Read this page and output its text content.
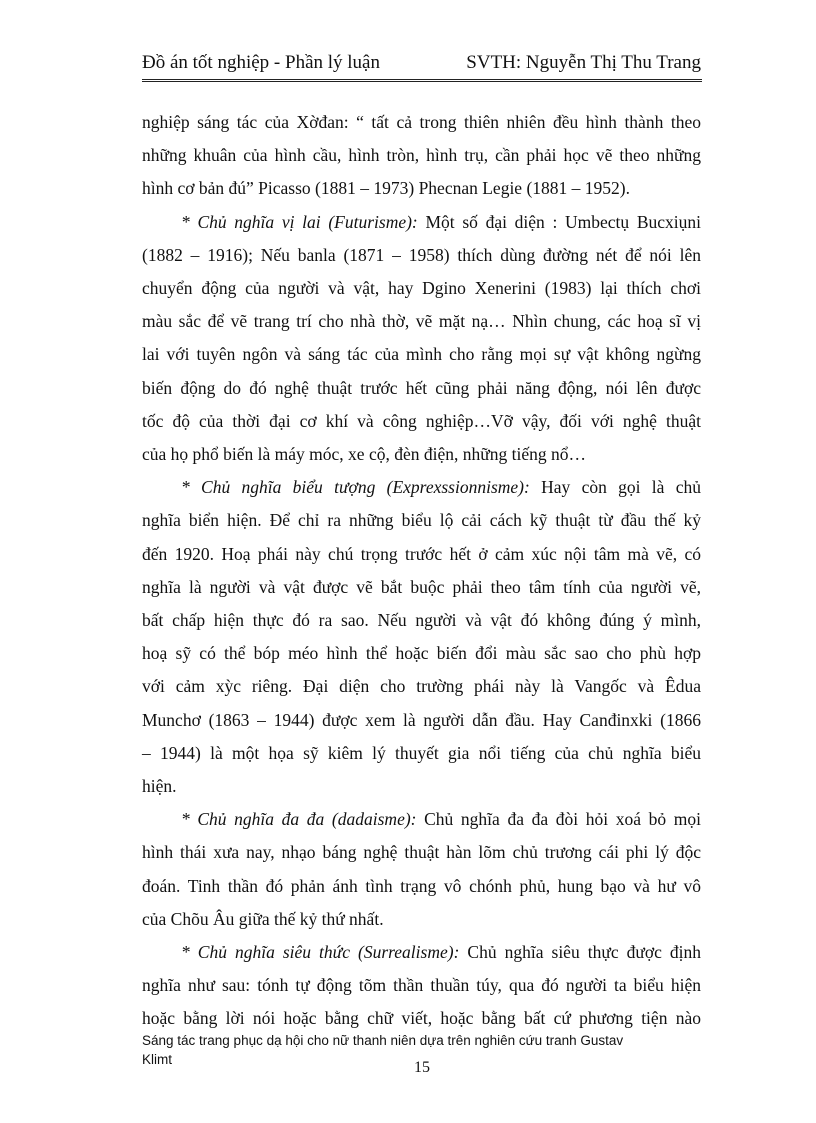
Đồ án tốt nghiệp - Phần lý luận	SVTH: Nguyễn Thị Thu Trang

nghiệp sáng tác của Xờđan: “ tất cả trong thiên nhiên đều hình thành theo

những khuân của hình cầu, hình tròn, hình trụ, cần phải học vẽ theo những

hình cơ bản đú” Picasso (1881 – 1973) Phecnan Legie (1881 – 1952).

* Chủ nghĩa vị lai (Futurisme): Một số đại diện : Umbectụ Bucxiụni

(1882 – 1916); Nếu banla (1871 – 1958) thích dùng đường nét để nói lên

chuyển động của người và vật, hay Dgino Xenerini (1983) lại thích chơi

màu sắc để vẽ trang trí cho nhà thờ, vẽ mặt nạ… Nhìn chung, các hoạ sĩ vị

lai với tuyên ngôn và sáng tác của mình cho rằng mọi sự vật không ngừng

biến động do đó nghệ thuật trước hết cũng phải năng động, nói lên được

tốc độ của thời đại cơ khí và công nghiệp…Vỡ vậy, đối với nghệ thuật

của họ phổ biến là máy móc, xe cộ, đèn điện, những tiếng nổ…

* Chủ nghĩa biểu tượng (Exprexssionnisme): Hay còn gọi là chủ

nghĩa biển hiện. Để chỉ ra những biểu lộ cải cách kỹ thuật từ đầu thế kỷ

đến 1920. Hoạ phái này chú trọng trước hết ở cảm xúc nội tâm mà vẽ, có

nghĩa là người và vật được vẽ bắt buộc phải theo tâm tính của người vẽ,

bất chấp hiện thực đó ra sao. Nếu người và vật đó không đúng ý mình,

hoạ sỹ có thể bóp méo hình thể hoặc biến đổi màu sắc sao cho phù hợp

với cảm xỳc riêng. Đại diện cho trường phái này là Vangốc và Êdua

Munchơ (1863 – 1944) được xem là người dẫn đầu. Hay Canđinxki (1866

– 1944) là một họa sỹ kiêm lý thuyết gia nổi tiếng của chủ nghĩa biểu

hiện.

* Chủ nghĩa đa đa (dadaisme): Chủ nghĩa đa đa đòi hỏi xoá bỏ mọi

hình thái xưa nay, nhạo báng nghệ thuật hàn lõm chủ trương cái phi lý độc

đoán. Tinh thần đó phản ánh tình trạng vô chónh phủ, hung bạo và hư vô

của Chõu Âu giữa thế kỷ thứ nhất.

* Chủ nghĩa siêu thức (Surrealisme): Chủ nghĩa siêu thực được định

nghĩa như sau: tónh tự động tõm thần thuần túy, qua đó người ta biểu hiện

hoặc bằng lời nói hoặc bằng chữ viết, hoặc bằng bất cứ phương tiện nào

Sáng tác trang phục dạ hội cho nữ thanh niên dựa trên nghiên cứu tranh Gustav
Klimt	15
